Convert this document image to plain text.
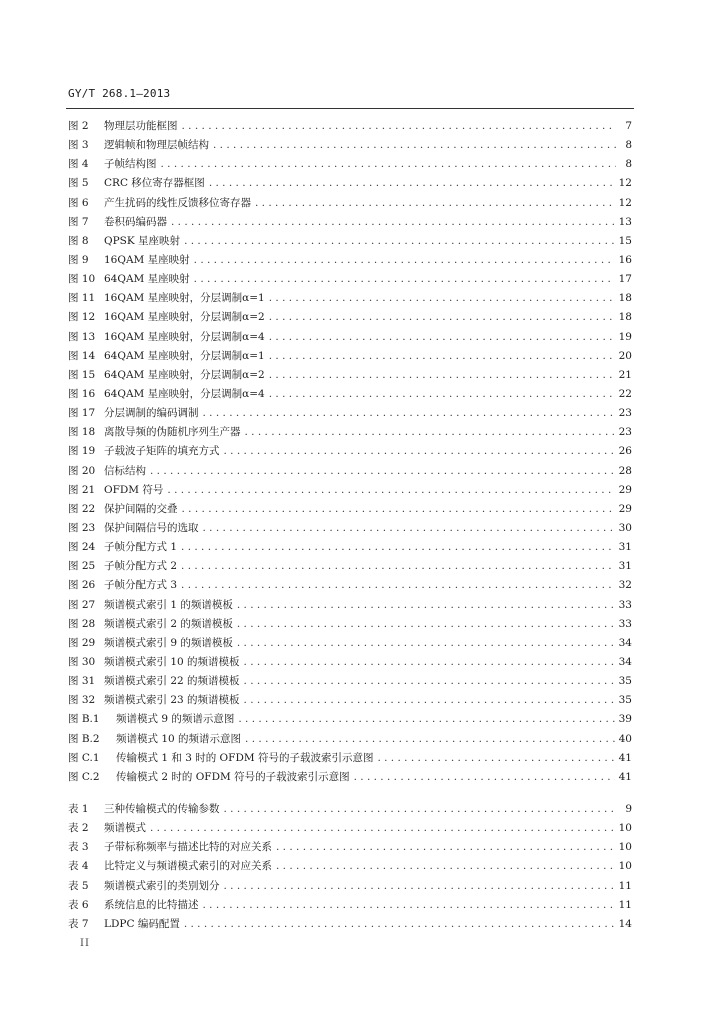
GY/T 268.1—2013
图 2	物理层功能框图 . . .	7
图 3	逻辑帧和物理层帧结构 . . .	8
图 4	子帧结构图 . . .	8
图 5	CRC 移位寄存器框图 . . .	12
图 6	产生扰码的线性反馈移位寄存器 . . .	12
图 7	卷积码编码器 . . .	13
图 8	QPSK 星座映射 . . .	15
图 9	16QAM 星座映射 . . .	16
图 10 64QAM 星座映射 . . .	17
图 11 16QAM 星座映射，分层调制α=1 . . .	18
图 12 16QAM 星座映射，分层调制α=2 . . .	18
图 13 16QAM 星座映射，分层调制α=4 . . .	19
图 14 64QAM 星座映射，分层调制α=1 . . .	20
图 15 64QAM 星座映射，分层调制α=2 . . .	21
图 16 64QAM 星座映射，分层调制α=4 . . .	22
图 17 分层调制的编码调制 . . .	23
图 18 离散导频的伪随机序列生产器 . . .	23
图 19 子载波子矩阵的填充方式 . . .	26
图 20 信标结构 . . .	28
图 21 OFDM 符号 . . .	29
图 22 保护间隔的交叠 . . .	29
图 23 保护间隔信号的选取 . . .	30
图 24 子帧分配方式 1 . . .	31
图 25 子帧分配方式 2 . . .	31
图 26 子帧分配方式 3 . . .	32
图 27 频谱模式索引 1 的频谱模板 . . .	33
图 28 频谱模式索引 2 的频谱模板 . . .	33
图 29 频谱模式索引 9 的频谱模板 . . .	34
图 30 频谱模式索引 10 的频谱模板 . . .	34
图 31 频谱模式索引 22 的频谱模板 . . .	35
图 32 频谱模式索引 23 的频谱模板 . . .	35
图 B.1	频谱模式 9 的频谱示意图 . . .	39
图 B.2	频谱模式 10 的频谱示意图 . . .	40
图 C.1	传输模式 1 和 3 时的 OFDM 符号的子载波索引示意图 . . .	41
图 C.2	传输模式 2 时的 OFDM 符号的子载波索引示意图 . . .	41
表 1	三种传输模式的传输参数 . . .	9
表 2	频谱模式 . . .	10
表 3	子带标称频率与描述比特的对应关系 . . .	10
表 4	比特定义与频谱模式索引的对应关系 . . .	10
表 5	频谱模式索引的类别划分 . . .	11
表 6	系统信息的比特描述 . . .	11
表 7	LDPC 编码配置 . . .	14
II
